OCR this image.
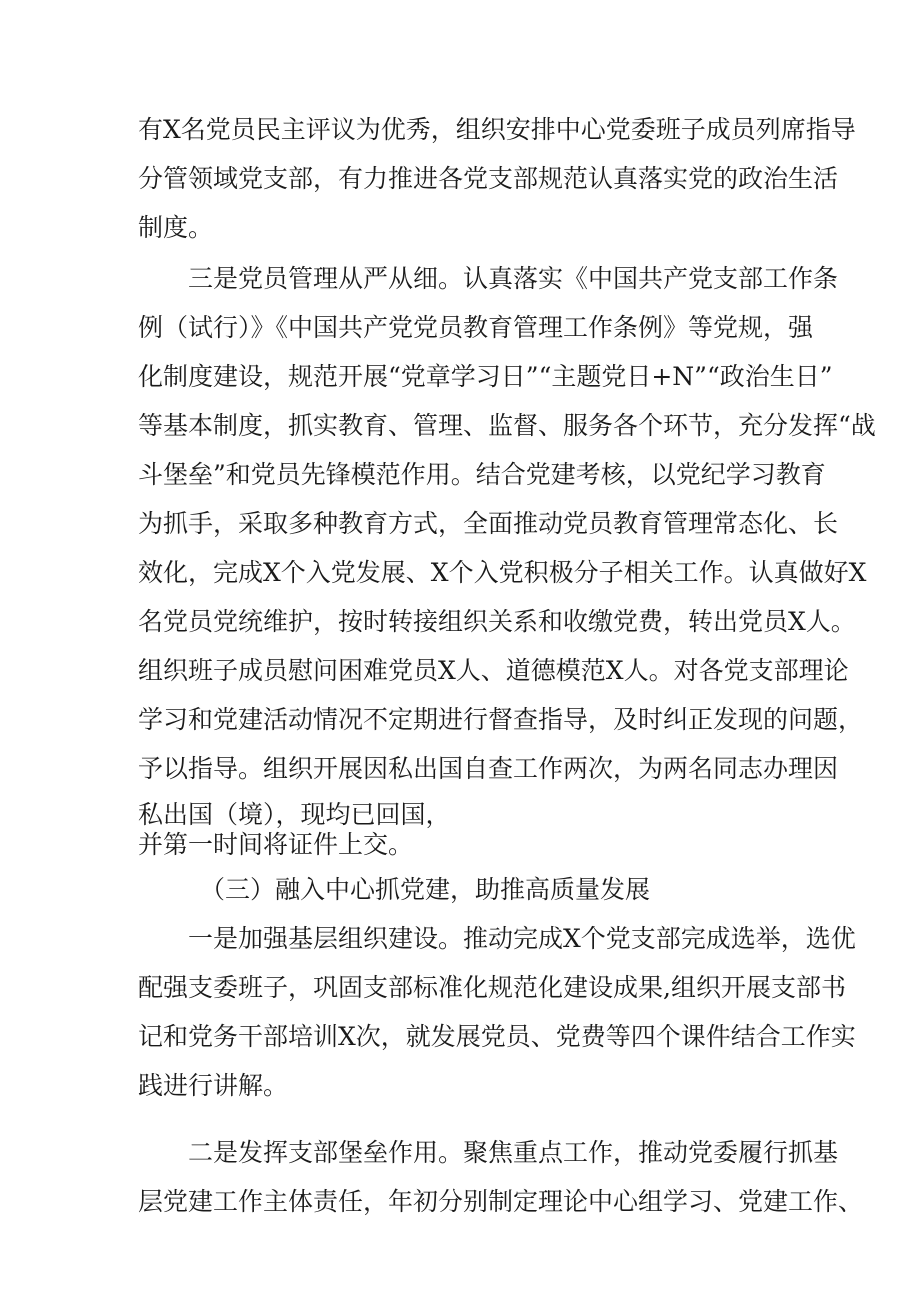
有X名党员民主评议为优秀，组织安排中心党委班子成员列席指导
分管领域党支部，有力推进各党支部规范认真落实党的政治生活
制度。
三是党员管理从严从细。认真落实《中国共产党支部工作条
例（试行）》《中国共产党党员教育管理工作条例》等党规，强
化制度建设，规范开展“党章学习日”“主题党日+N”“政治生日”
等基本制度，抓实教育、管理、监督、服务各个环节，充分发挥“战
斗堡垒”和党员先锋模范作用。结合党建考核，以党纪学习教育
为抓手，采取多种教育方式，全面推动党员教育管理常态化、长
效化，完成X个入党发展、X个入党积极分子相关工作。认真做好X
名党员党统维护，按时转接组织关系和收缴党费，转出党员X人。
组织班子成员慰问困难党员X人、道德模范X人。对各党支部理论
学习和党建活动情况不定期进行督查指导，及时纠正发现的问题，
予以指导。组织开展因私出国自查工作两次，为两名同志办理因
私出国（境），现均已回国，
并第一时间将证件上交。
（三）融入中心抓党建，助推高质量发展
一是加强基层组织建设。推动完成X个党支部完成选举，选优
配强支委班子，巩固支部标准化规范化建设成果,组织开展支部书
记和党务干部培训X次，就发展党员、党费等四个课件结合工作实
践进行讲解。
二是发挥支部堡垒作用。聚焦重点工作，推动党委履行抓基
层党建工作主体责任，年初分别制定理论中心组学习、党建工作、
